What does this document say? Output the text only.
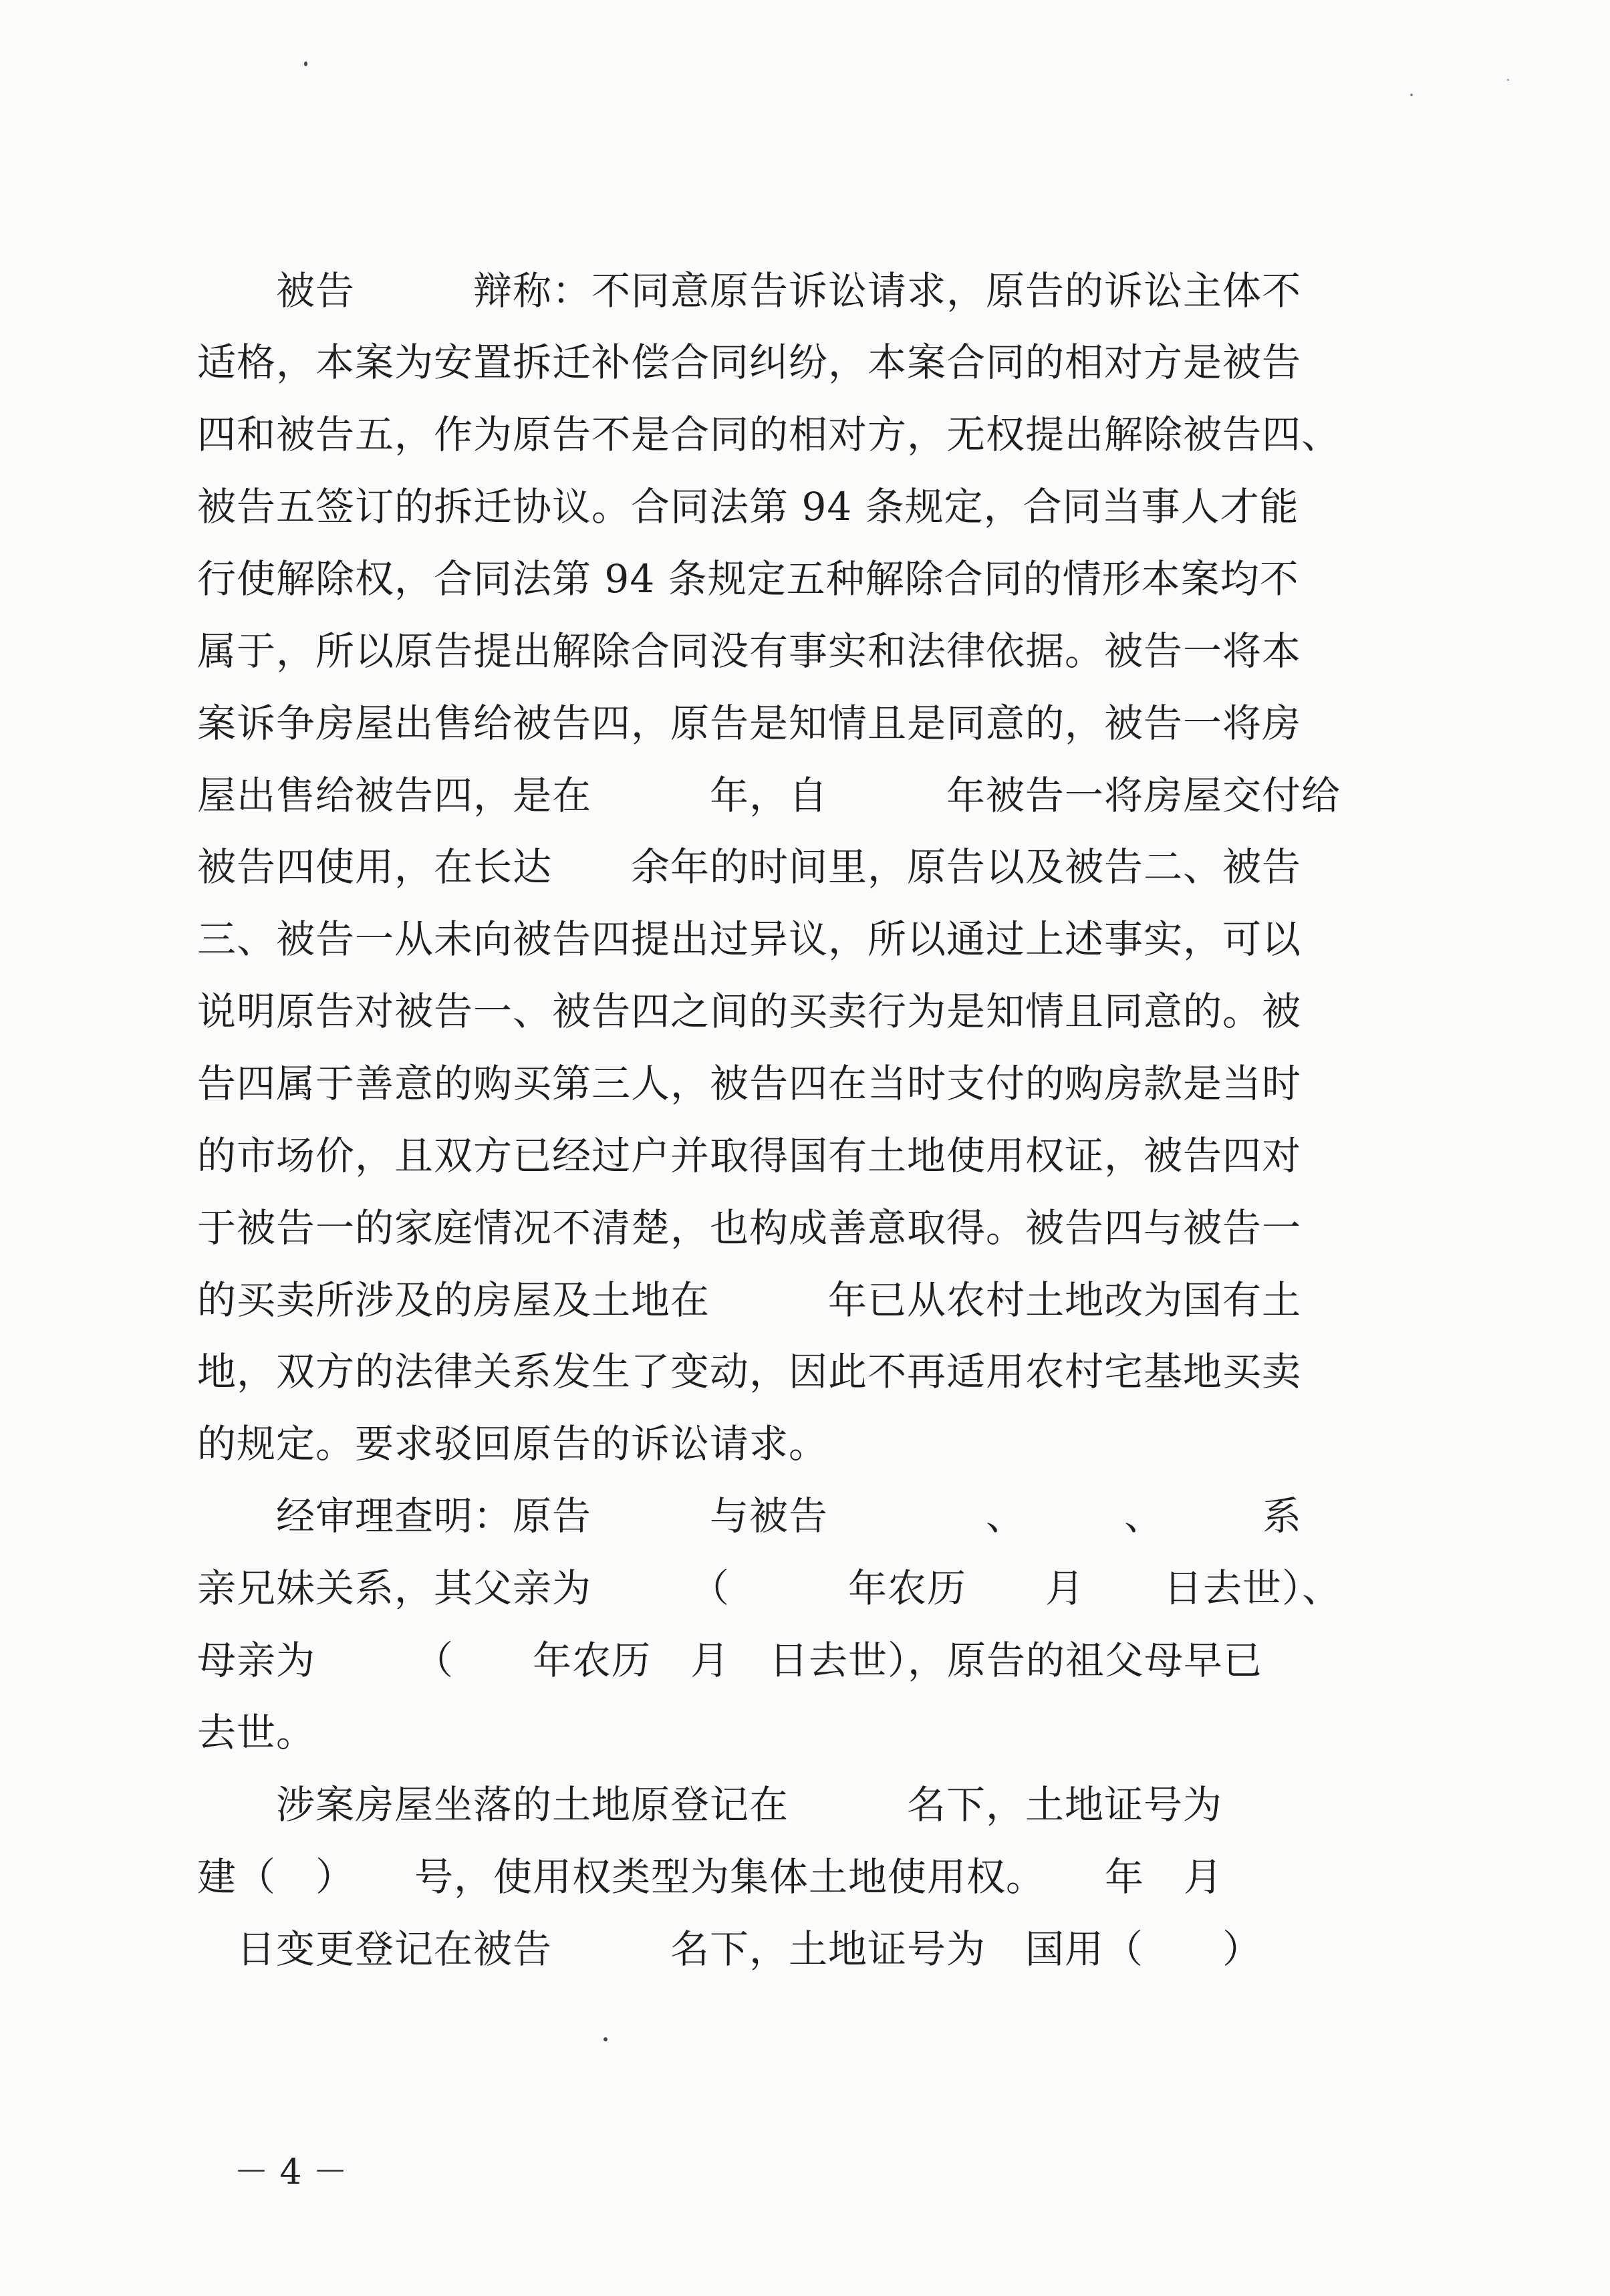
　　被告　　　辩称：不同意原告诉讼请求，原告的诉讼主体不
适格，本案为安置拆迁补偿合同纠纷，本案合同的相对方是被告
四和被告五，作为原告不是合同的相对方，无权提出解除被告四、
被告五签订的拆迁协议。合同法第 94 条规定，合同当事人才能
行使解除权，合同法第 94 条规定五种解除合同的情形本案均不
属于，所以原告提出解除合同没有事实和法律依据。被告一将本
案诉争房屋出售给被告四，原告是知情且是同意的，被告一将房
屋出售给被告四，是在　　　年，自　　　年被告一将房屋交付给
被告四使用，在长达　　余年的时间里，原告以及被告二、被告
三、被告一从未向被告四提出过异议，所以通过上述事实，可以
说明原告对被告一、被告四之间的买卖行为是知情且同意的。被
告四属于善意的购买第三人，被告四在当时支付的购房款是当时
的市场价，且双方已经过户并取得国有土地使用权证，被告四对
于被告一的家庭情况不清楚，也构成善意取得。被告四与被告一
的买卖所涉及的房屋及土地在　　　年已从农村土地改为国有土
地，双方的法律关系发生了变动，因此不再适用农村宅基地买卖
的规定。要求驳回原告的诉讼请求。
　　经审理查明：原告　　　与被告　　　　、　　　、　　　系
亲兄妹关系，其父亲为　　　（　　　年农历　　月　　日去世）、
母亲为　　　（　　年农历　月　日去世），原告的祖父母早已
去世。
　　涉案房屋坐落的土地原登记在　　　名下，土地证号为
建（　）　　号，使用权类型为集体土地使用权。　　年　月
　日变更登记在被告　　　名下，土地证号为　国用（　　）
－ 4 －
